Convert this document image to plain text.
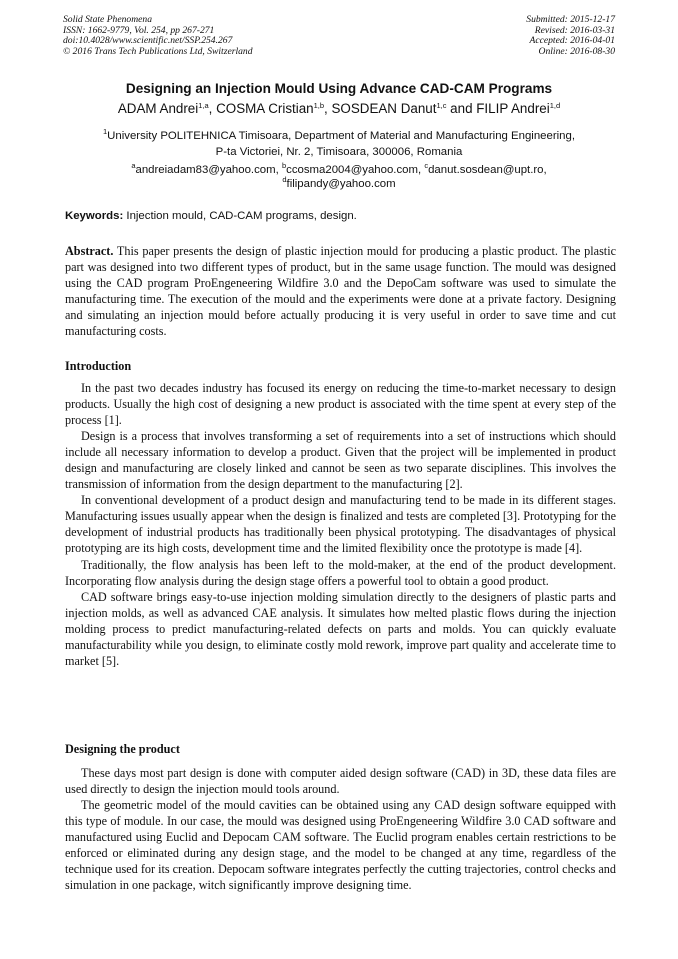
Solid State Phenomena
ISSN: 1662-9779, Vol. 254, pp 267-271
doi:10.4028/www.scientific.net/SSP.254.267
© 2016 Trans Tech Publications Ltd, Switzerland
Submitted: 2015-12-17
Revised: 2016-03-31
Accepted: 2016-04-01
Online: 2016-08-30
Designing an Injection Mould Using Advance CAD-CAM Programs
ADAM Andrei$^{1,a}$, COSMA Cristian$^{1,b}$, SOSDEAN Danut$^{1,c}$ and FILIP Andrei$^{1,d}$
$^1$University POLITEHNICA Timisoara, Department of Material and Manufacturing Engineering,
P-ta Victoriei, Nr. 2, Timisoara, 300006, Romania
$^a$andreiadam83@yahoo.com, $^b$ccosma2004@yahoo.com, $^c$danut.sosdean@upt.ro,
$^d$filipandy@yahoo.com
Keywords: Injection mould, CAD-CAM programs, design.

Abstract. This paper presents the design of plastic injection mould for producing a plastic product. The plastic part was designed into two different types of product, but in the same usage function. The mould was designed using the CAD program ProEngeneering Wildfire 3.0 and the DepoCam software was used to simulate the manufacturing time. The execution of the mould and the experiments were done at a private factory. Designing and simulating an injection mould before actually producing it is very useful in order to save time and cut manufacturing costs.

Introduction

In the past two decades industry has focused its energy on reducing the time-to-market necessary to design products. Usually the high cost of designing a new product is associated with the time spent at every step of the process [1].

Design is a process that involves transforming a set of requirements into a set of instructions which should include all necessary information to develop a product. Given that the project will be implemented in product design and manufacturing are closely linked and cannot be seen as two separate disciplines. This involves the transmission of information from the design department to the manufacturing [2].

In conventional development of a product design and manufacturing tend to be made in its different stages. Manufacturing issues usually appear when the design is finalized and tests are completed [3]. Prototyping for the development of industrial products has traditionally been physical prototyping. The disadvantages of physical prototyping are its high costs, development time and the limited flexibility once the prototype is made [4].

Traditionally, the flow analysis has been left to the mold-maker, at the end of the product development. Incorporating flow analysis during the design stage offers a powerful tool to obtain a good product.

CAD software brings easy-to-use injection molding simulation directly to the designers of plastic parts and injection molds, as well as advanced CAE analysis. It simulates how melted plastic flows during the injection molding process to predict manufacturing-related defects on parts and molds. You can quickly evaluate manufacturability while you design, to eliminate costly mold rework, improve part quality and accelerate time to market [5].

Designing the product

These days most part design is done with computer aided design software (CAD) in 3D, these data files are used directly to design the injection mould tools around.

The geometric model of the mould cavities can be obtained using any CAD design software equipped with this type of module. In our case, the mould was designed using ProEngeneering Wildfire 3.0 CAD software and manufactured using Euclid and Depocam CAM software. The Euclid program enables certain restrictions to be enforced or eliminated during any design stage, and the model to be changed at any time, regardless of the technique used for its creation. Depocam software integrates perfectly the cutting trajectories, control checks and simulation in one package, witch significantly improve designing time.
